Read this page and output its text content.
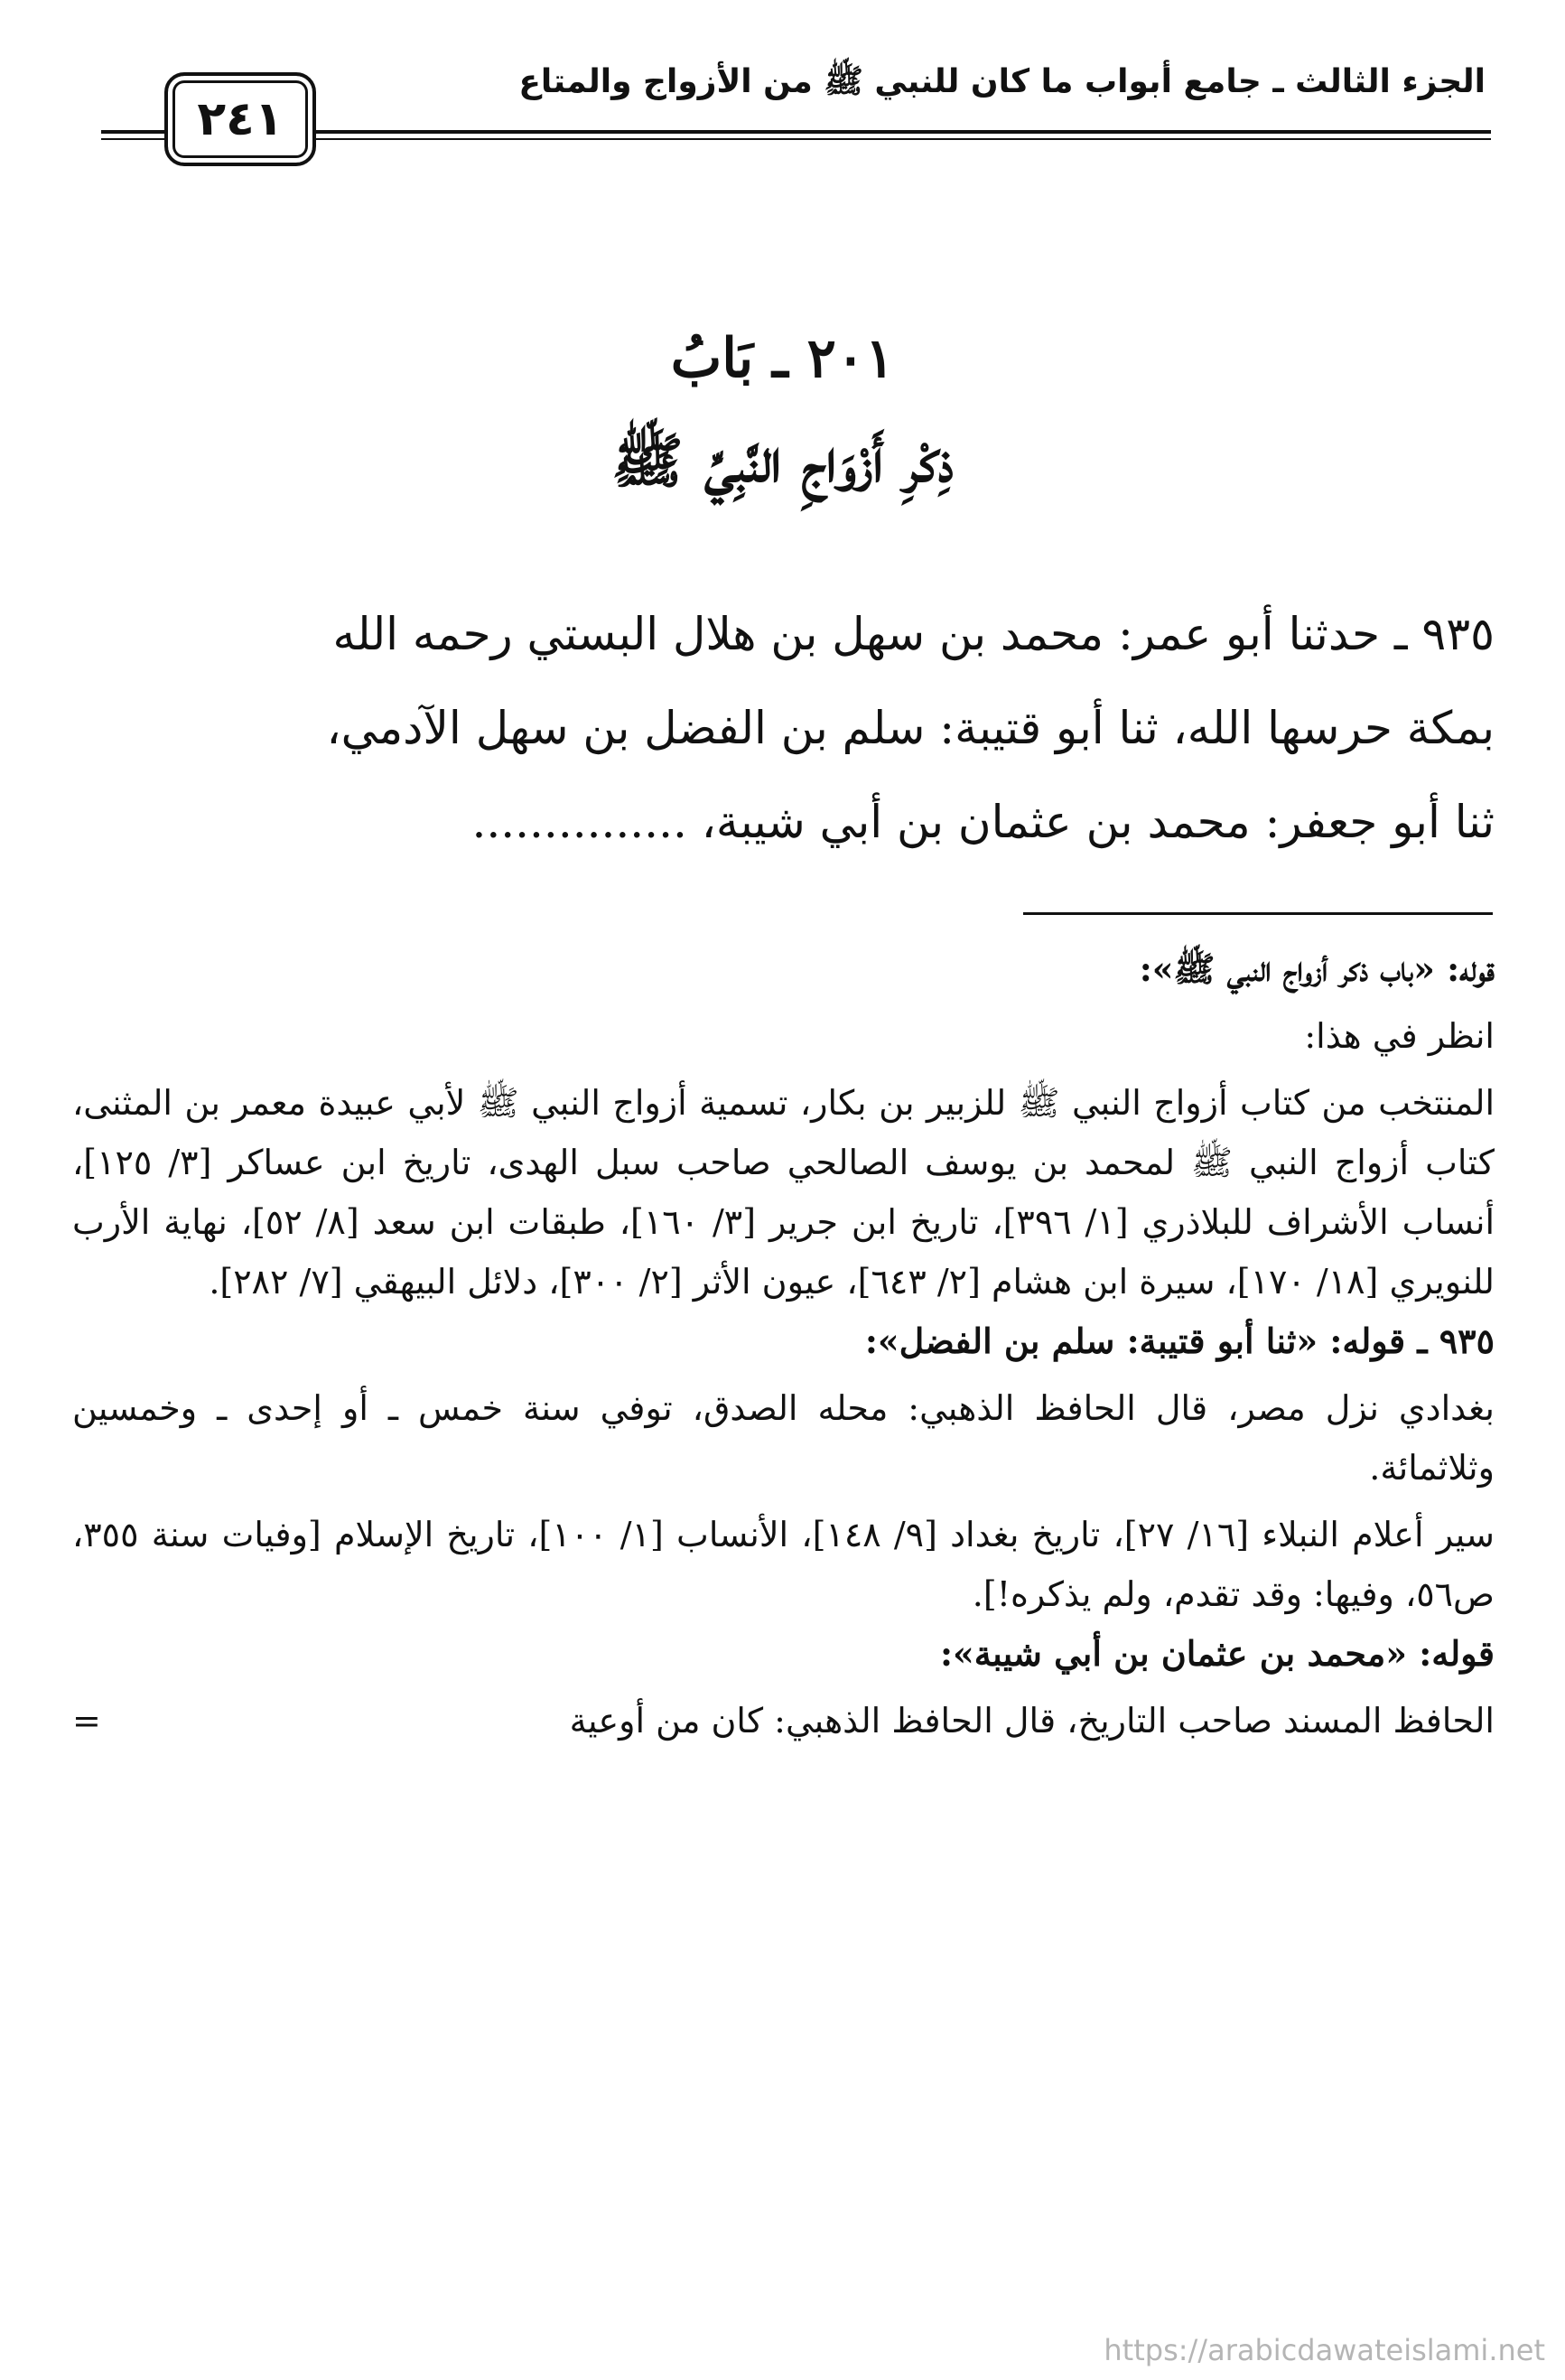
الجزء الثالث ـ جامع أبواب ما كان للنبي ﷺ من الأزواج والمتاع
٢٤١
٢٠١ ـ بَابُ
ذِكْرِ أَزْوَاجِ النَّبِيِّ ﷺ
٩٣٥ ـ حدثنا أبو عمر: محمد بن سهل بن هلال البستي رحمه الله
بمكة حرسها الله، ثنا أبو قتيبة: سلم بن الفضل بن سهل الآدمي،
ثنا أبو جعفر: محمد بن عثمان بن أبي شيبة، ...............
قوله: «باب ذكر أزواج النبي ﷺ»:

انظر في هذا:

المنتخب من كتاب أزواج النبي ﷺ للزبير بن بكار، تسمية أزواج النبي ﷺ لأبي عبيدة معمر بن المثنى، كتاب أزواج النبي ﷺ لمحمد بن يوسف الصالحي صاحب سبل الهدى، تاريخ ابن عساكر [٣/ ١٢٥]، أنساب الأشراف للبلاذري [١/ ٣٩٦]، تاريخ ابن جرير [٣/ ١٦٠]، طبقات ابن سعد [٨/ ٥٢]، نهاية الأرب للنويري [١٨/ ١٧٠]، سيرة ابن هشام [٢/ ٦٤٣]، عيون الأثر [٢/ ٣٠٠]، دلائل البيهقي [٧/ ٢٨٢].

٩٣٥ ـ قوله: «ثنا أبو قتيبة: سلم بن الفضل»:

بغدادي نزل مصر، قال الحافظ الذهبي: محله الصدق، توفي سنة خمس ـ أو إحدى ـ وخمسين وثلاثمائة.

سير أعلام النبلاء [١٦/ ٢٧]، تاريخ بغداد [٩/ ١٤٨]، الأنساب [١/ ١٠٠]، تاريخ الإسلام [وفيات سنة ٣٥٥، ص٥٦، وفيها: وقد تقدم، ولم يذكره!].

قوله: «محمد بن عثمان بن أبي شيبة»:

الحافظ المسند صاحب التاريخ، قال الحافظ الذهبي: كان من أوعية

=
https://arabicdawateislami.net
